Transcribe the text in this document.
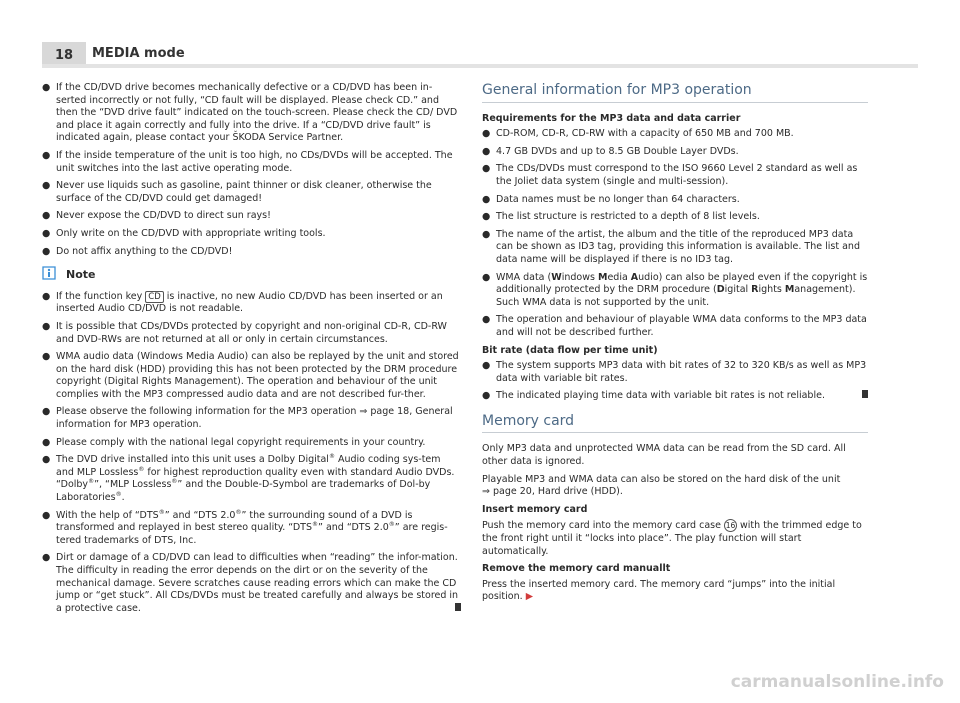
18	MEDIA mode

● If the CD/DVD drive becomes mechanically defective or a CD/DVD has been in-serted incorrectly or not fully, “CD fault will be displayed. Please check CD.” and then the “DVD drive fault” indicated on the touch-screen. Please check the CD/ DVD and place it again correctly and fully into the drive. If a “CD/DVD drive fault” is indicated again, please contact your ŠKODA Service Partner.

● If the inside temperature of the unit is too high, no CDs/DVDs will be accepted. The unit switches into the last active operating mode.

● Never use liquids such as gasoline, paint thinner or disk cleaner, otherwise the surface of the CD/DVD could get damaged!

● Never expose the CD/DVD to direct sun rays!

● Only write on the CD/DVD with appropriate writing tools.

● Do not affix anything to the CD/DVD!

Note

● If the function key CD is inactive, no new Audio CD/DVD has been inserted or an inserted Audio CD/DVD is not readable.

● It is possible that CDs/DVDs protected by copyright and non-original CD-R, CD-RW and DVD-RWs are not returned at all or only in certain circumstances.

● WMA audio data (Windows Media Audio) can also be replayed by the unit and stored on the hard disk (HDD) providing this has not been protected by the DRM procedure copyright (Digital Rights Management). The operation and behaviour of the unit complies with the MP3 compressed audio data and are not described fur-ther.

● Please observe the following information for the MP3 operation ⇒ page 18, General information for MP3 operation.

● Please comply with the national legal copyright requirements in your country.

● The DVD drive installed into this unit uses a Dolby Digital® Audio coding sys-tem and MLP Lossless® for highest reproduction quality even with standard Audio DVDs. “Dolby®”, “MLP Lossless®” and the Double-D-Symbol are trademarks of Dol-by Laboratories®.

● With the help of “DTS®” and “DTS 2.0®” the surrounding sound of a DVD is transformed and replayed in best stereo quality. “DTS®” and “DTS 2.0®” are regis-tered trademarks of DTS, Inc.

● Dirt or damage of a CD/DVD can lead to difficulties when “reading” the infor-mation. The difficulty in reading the error depends on the dirt or on the severity of the mechanical damage. Severe scratches cause reading errors which can make the CD jump or “get stuck”. All CDs/DVDs must be treated carefully and always be stored in a protective case.

General information for MP3 operation

Requirements for the MP3 data and data carrier

● CD-ROM, CD-R, CD-RW with a capacity of 650 MB and 700 MB.

● 4.7 GB DVDs and up to 8.5 GB Double Layer DVDs.

● The CDs/DVDs must correspond to the ISO 9660 Level 2 standard as well as the Joliet data system (single and multi-session).

● Data names must be no longer than 64 characters.

● The list structure is restricted to a depth of 8 list levels.

● The name of the artist, the album and the title of the reproduced MP3 data can be shown as ID3 tag, providing this information is available. The list and data name will be displayed if there is no ID3 tag.

● WMA data (Windows Media Audio) can also be played even if the copyright is additionally protected by the DRM procedure (Digital Rights Management). Such WMA data is not supported by the unit.

● The operation and behaviour of playable WMA data conforms to the MP3 data and will not be described further.

Bit rate (data flow per time unit)

● The system supports MP3 data with bit rates of 32 to 320 KB/s as well as MP3 data with variable bit rates.

● The indicated playing time data with variable bit rates is not reliable.

Memory card

Only MP3 data and unprotected WMA data can be read from the SD card. All other data is ignored.

Playable MP3 and WMA data can also be stored on the hard disk of the unit
⇒ page 20, Hard drive (HDD).

Insert memory card

Push the memory card into the memory card case 16 with the trimmed edge to the front right until it “locks into place”. The play function will start automatically.

Remove the memory card manuallt

Press the inserted memory card. The memory card “jumps” into the initial position. ▶

carmanualsonline.info
